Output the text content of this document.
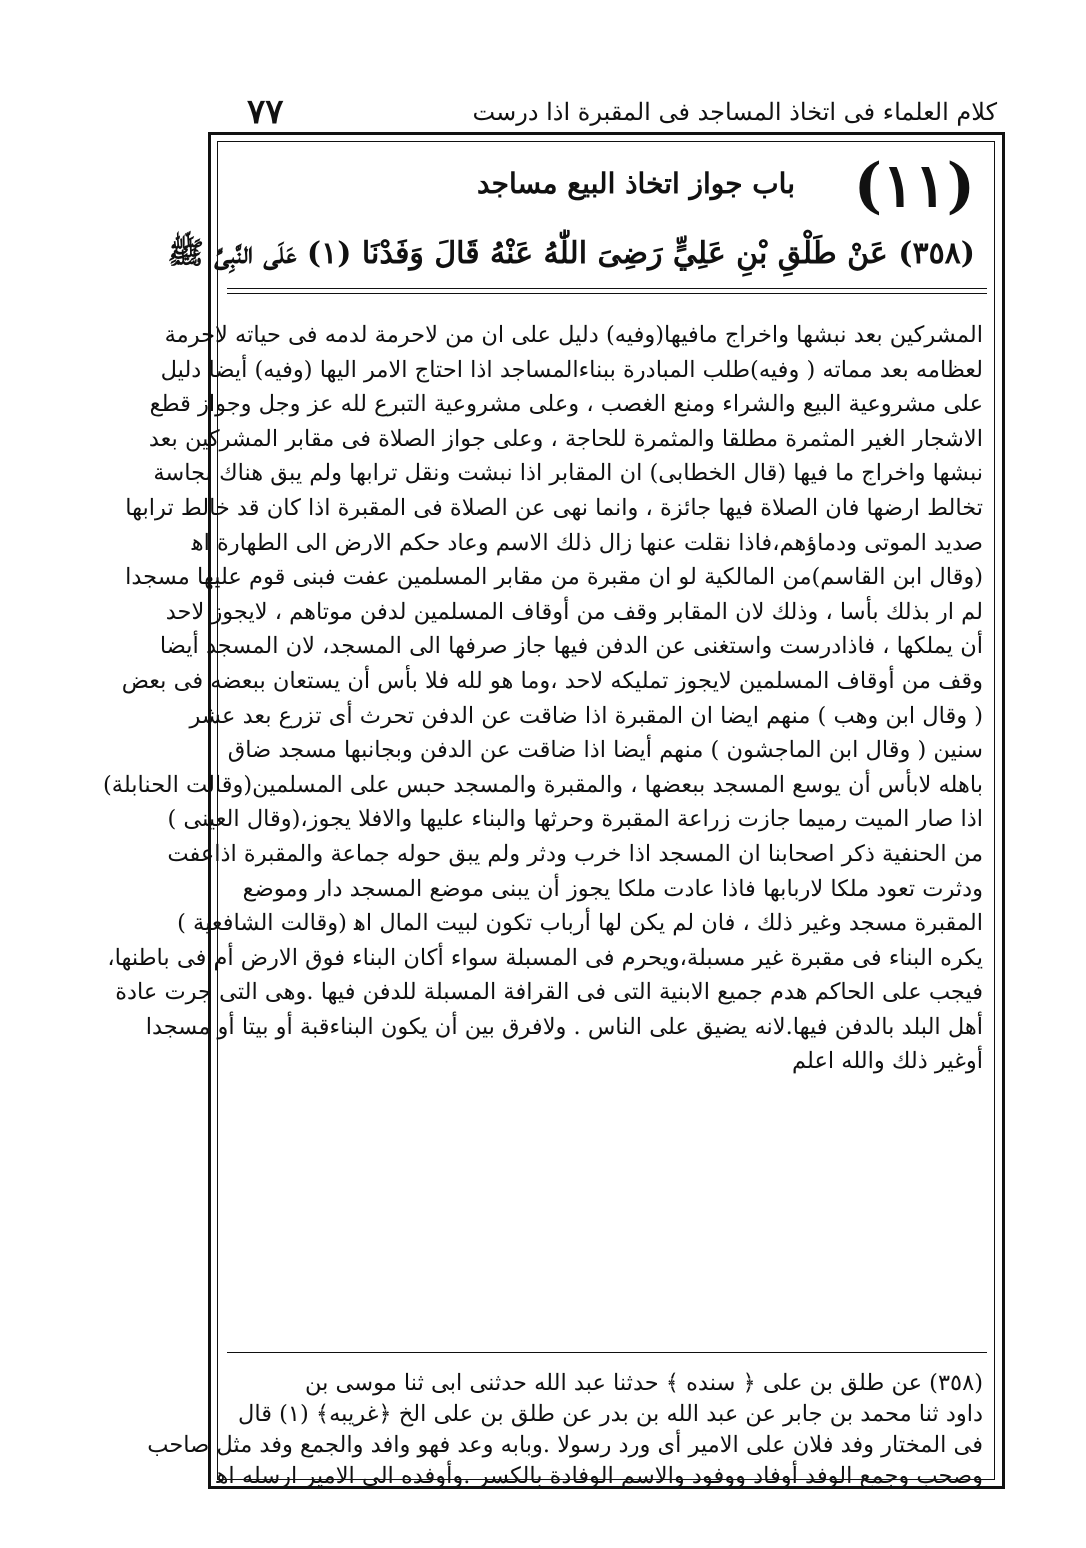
٧٧	كلام العلماء فى اتخاذ المساجد فى المقبرة اذا درست
(١١)
باب جواز اتخاذ البيع مساجد
(٣٥٨) عَنْ طَلْقِ بْنِ عَلِيٍّ رَضِىَ اللّٰهُ عَنْهُ قَالَ وَفَدْنَا (١) عَلَى النَّبِىِّ ﷺ
المشركين بعد نبشها واخراج مافيها(وفيه) دليل على ان من لاحرمة لدمه فى حياته لاحرمة
لعظامه بعد مماته ( وفيه)طلب المبادرة ببناءالمساجد اذا احتاج الامر اليها (وفيه) أيضا دليل
على مشروعية البيع والشراء ومنع الغصب ، وعلى مشروعية التبرع لله عز وجل وجواز قطع
الاشجار الغير المثمرة مطلقا والمثمرة للحاجة ، وعلى جواز الصلاة فى مقابر المشركين بعد
نبشها واخراج ما فيها (قال الخطابى) ان المقابر اذا نبشت ونقل ترابها ولم يبق هناك نجاسة
تخالط ارضها فان الصلاة فيها جائزة ، وانما نهى عن الصلاة فى المقبرة اذا كان قد خالط ترابها
صديد الموتى ودماؤهم،فاذا نقلت عنها زال ذلك الاسم وعاد حكم الارض الى الطهارة اﻫ
(وقال ابن القاسم)من المالكية لو ان مقبرة من مقابر المسلمين عفت فبنى قوم عليها مسجدا
لم ار بذلك بأسا ، وذلك لان المقابر وقف من أوقاف المسلمين لدفن موتاهم ، لايجوز لاحد
أن يملكها ، فاذادرست واستغنى عن الدفن فيها جاز صرفها الى المسجد، لان المسجد أيضا
وقف من أوقاف المسلمين لايجوز تمليكه لاحد ،وما هو لله فلا بأس أن يستعان ببعضه فى بعض
( وقال ابن وهب ) منهم ايضا ان المقبرة اذا ضاقت عن الدفن تحرث أى تزرع بعد عشر
سنين ( وقال ابن الماجشون ) منهم أيضا اذا ضاقت عن الدفن وبجانبها مسجد ضاق
باهله لابأس أن يوسع المسجد ببعضها ، والمقبرة والمسجد حبس على المسلمين(وقالت الحنابلة)
اذا صار الميت رميما جازت زراعة المقبرة وحرثها والبناء عليها والافلا يجوز،(وقال العينى )
من الحنفية ذكر اصحابنا ان المسجد اذا خرب ودثر ولم يبق حوله جماعة والمقبرة اذاعفت
ودثرت تعود ملكا لاربابها فاذا عادت ملكا يجوز أن يبنى موضع المسجد دار وموضع
المقبرة مسجد وغير ذلك ، فان لم يكن لها أرباب تكون لبيت المال اﻫ (وقالت الشافعية )
يكره البناء فى مقبرة غير مسبلة،ويحرم فى المسبلة سواء أكان البناء فوق الارض أم فى باطنها،
فيجب على الحاكم هدم جميع الابنية التى فى القرافة المسبلة للدفن فيها .وهى التى جرت عادة
أهل البلد بالدفن فيها.لانه يضيق على الناس . ولافرق بين أن يكون البناءقبة أو بيتا أو مسجدا
أوغير ذلك والله اعلم
(٣٥٨) عن طلق بن على ﴿ سنده ﴾ حدثنا عبد الله حدثنى ابى ثنا موسى بن
داود ثنا محمد بن جابر عن عبد الله بن بدر عن طلق بن على الخ ﴿غريبه﴾ (١) قال
فى المختار وفد فلان على الامير أى ورد رسولا .وبابه وعد فهو وافد والجمع وفد مثل صاحب
وصحب وجمع الوفد أوفاد ووفود والاسم الوفادة بالكسر .وأوفده الى الامير ارسله اﻫ
